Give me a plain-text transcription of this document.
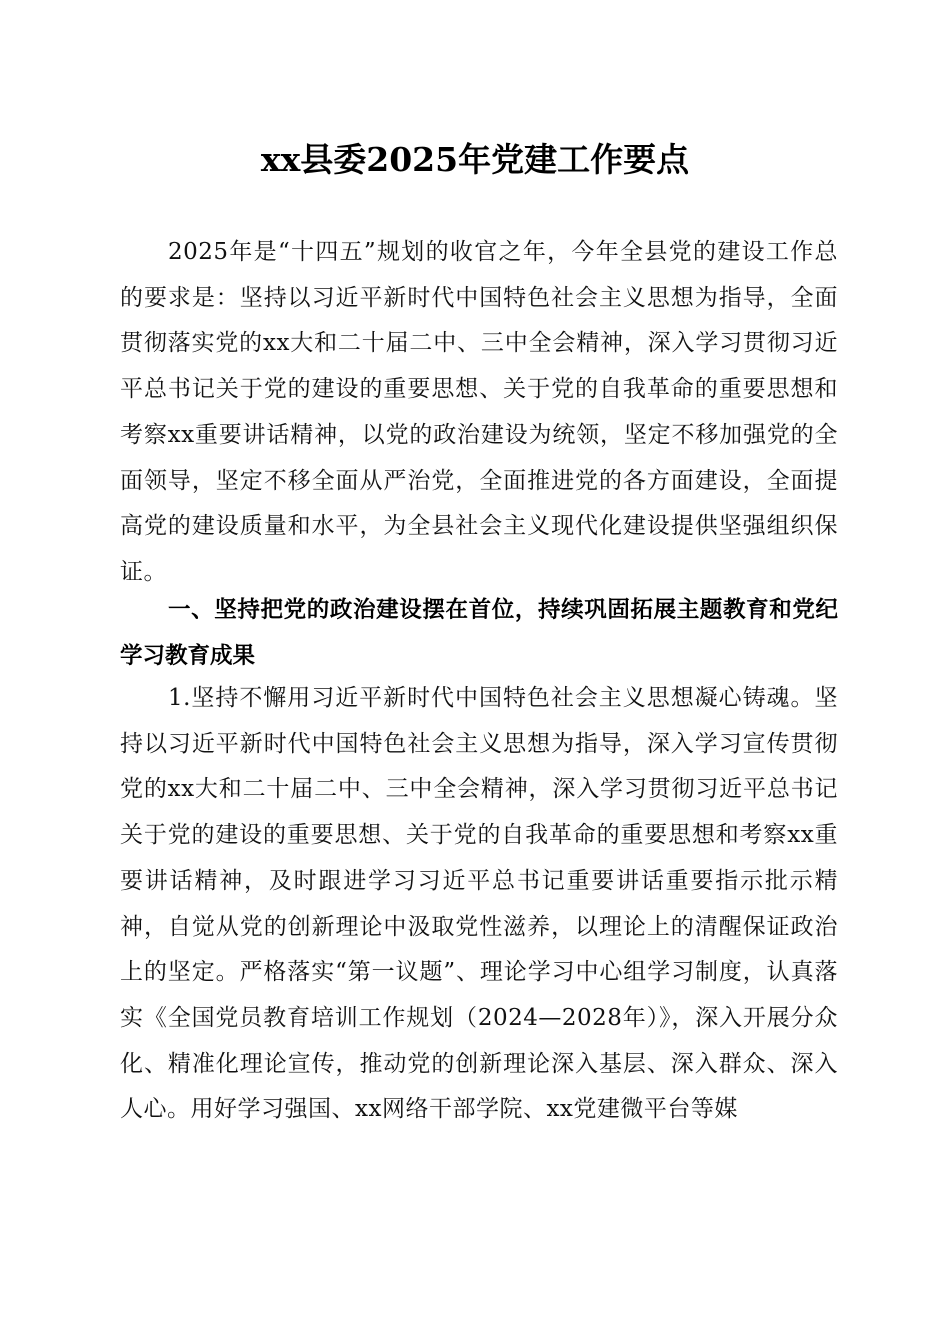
xx县委2025年党建工作要点

2025年是“十四五”规划的收官之年，今年全县党的建设工作总的要求是：坚持以习近平新时代中国特色社会主义思想为指导，全面贯彻落实党的xx大和二十届二中、三中全会精神，深入学习贯彻习近平总书记关于党的建设的重要思想、关于党的自我革命的重要思想和考察xx重要讲话精神，以党的政治建设为统领，坚定不移加强党的全面领导，坚定不移全面从严治党，全面推进党的各方面建设，全面提高党的建设质量和水平，为全县社会主义现代化建设提供坚强组织保证。

一、坚持把党的政治建设摆在首位，持续巩固拓展主题教育和党纪学习教育成果

1.坚持不懈用习近平新时代中国特色社会主义思想凝心铸魂。坚持以习近平新时代中国特色社会主义思想为指导，深入学习宣传贯彻党的xx大和二十届二中、三中全会精神，深入学习贯彻习近平总书记关于党的建设的重要思想、关于党的自我革命的重要思想和考察xx重要讲话精神，及时跟进学习习近平总书记重要讲话重要指示批示精神，自觉从党的创新理论中汲取党性滋养，以理论上的清醒保证政治上的坚定。严格落实“第一议题”、理论学习中心组学习制度，认真落实《全国党员教育培训工作规划（2024—2028年）》，深入开展分众化、精准化理论宣传，推动党的创新理论深入基层、深入群众、深入人心。用好学习强国、xx网络干部学院、xx党建微平台等媒
